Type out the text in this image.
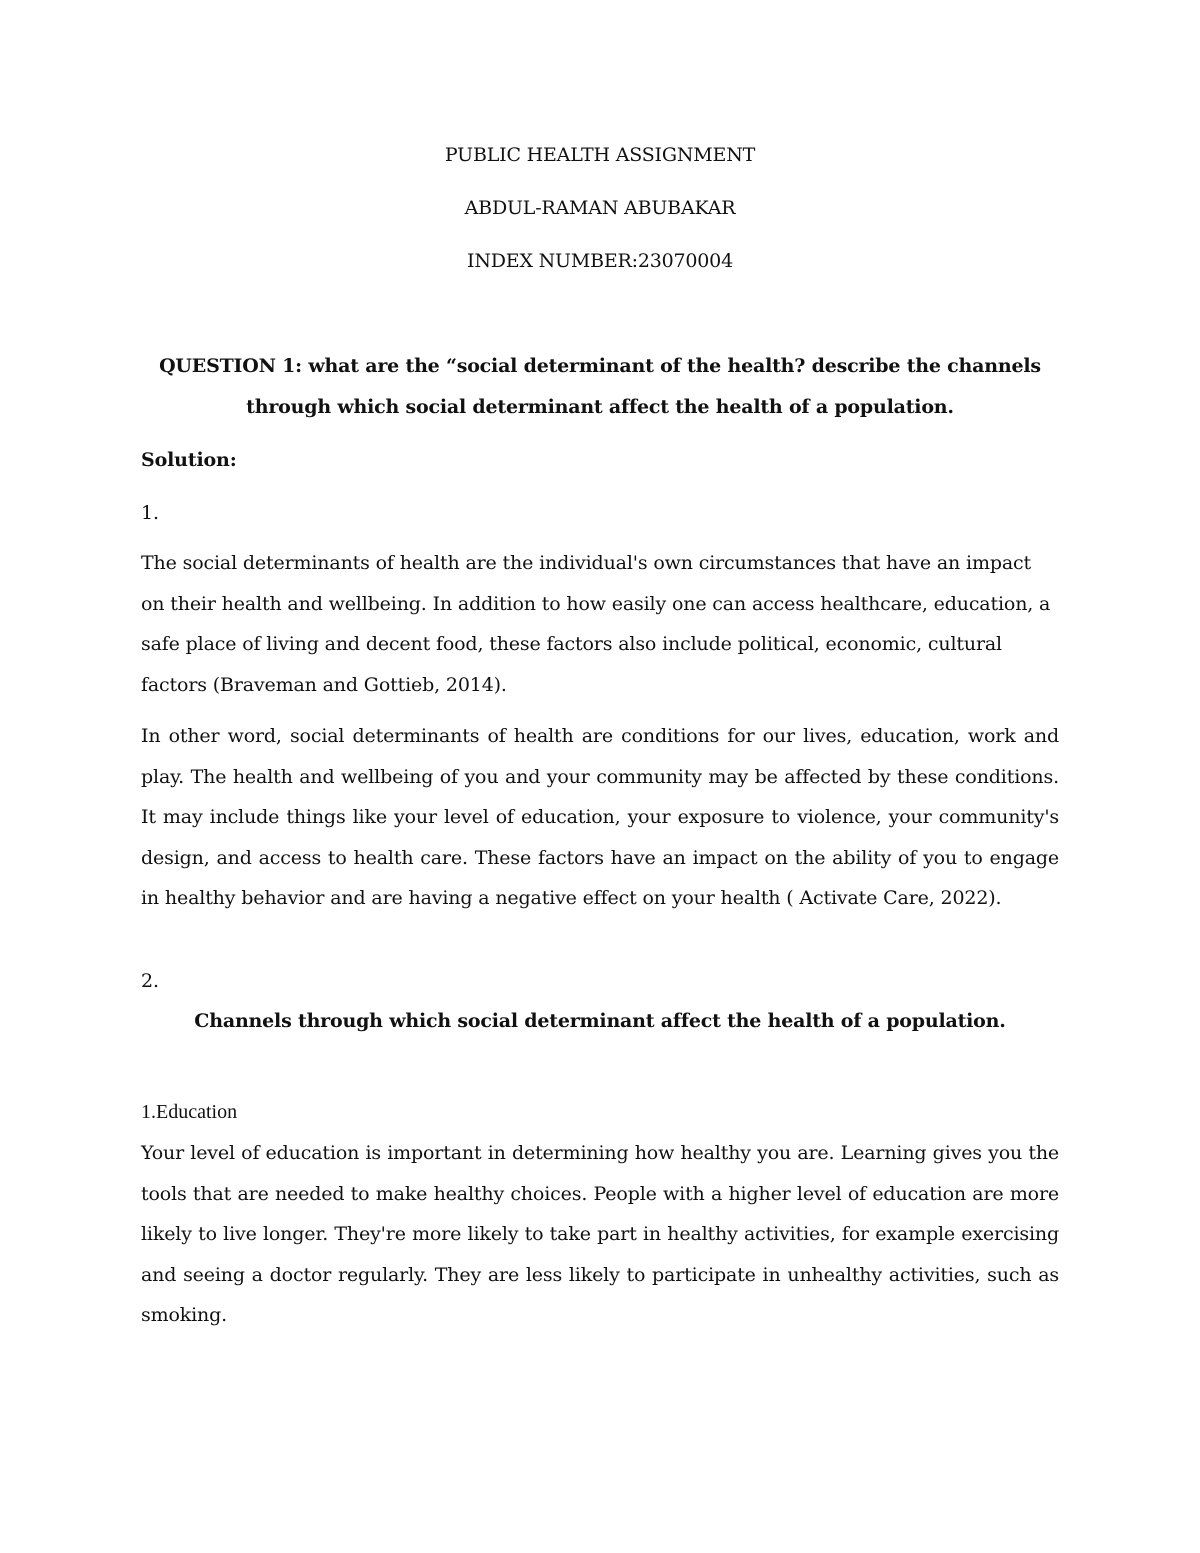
PUBLIC HEALTH ASSIGNMENT
ABDUL-RAMAN ABUBAKAR
INDEX NUMBER:23070004
QUESTION 1: what are the “social determinant of the health? describe the channels through which social determinant affect the health of a population.
Solution:
1.
The social determinants of health are the individual's own circumstances that have an impact on their health and wellbeing. In addition to how easily one can access healthcare, education, a safe place of living and decent food, these factors also include political, economic, cultural factors (Braveman and Gottieb, 2014).
In other word, social determinants of health are conditions for our lives, education, work and play. The health and wellbeing of you and your community may be affected by these conditions. It may include things like your level of education, your exposure to violence, your community's design, and access to health care. These factors have an impact on the ability of you to engage in healthy behavior and are having a negative effect on your health ( Activate Care, 2022).
2.
Channels through which social determinant affect the health of a population.
1.Education
Your level of education is important in determining how healthy you are. Learning gives you the tools that are needed to make healthy choices. People with a higher level of education are more likely to live longer. They're more likely to take part in healthy activities, for example exercising and seeing a doctor regularly. They are less likely to participate in unhealthy activities, such as smoking.
